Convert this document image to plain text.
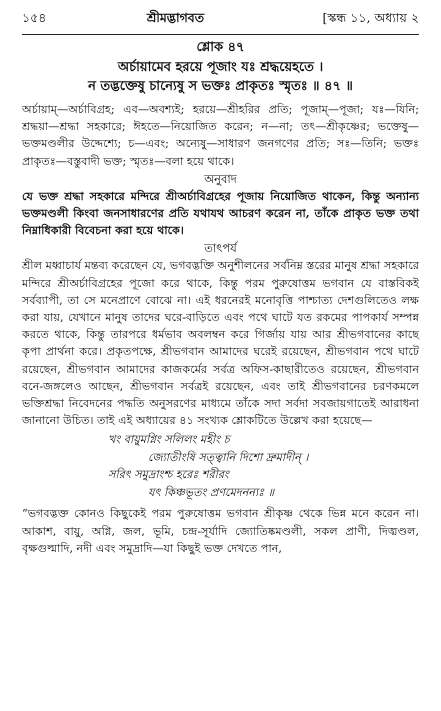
১৫৪	শ্রীমদ্ভাগবত	[স্কন্ধ ১১, অধ্যায় ২
শ্লোক ৪৭
অর্চায়ামেব হরয়ে পূজাং যঃ শ্রদ্ধয়েহতে ।
ন তদ্ভক্তেষু চান্যেষু স ভক্তঃ প্রাকৃতঃ স্মৃতঃ ॥ ৪৭ ॥

অর্চায়াম্—অর্চাবিগ্রহ; এব—অবশ্যই; হরয়ে—শ্রীহরির প্রতি; পূজাম্—পূজা; যঃ—যিনি; শ্রদ্ধয়া—শ্রদ্ধা সহকারে; ঈহতে—নিয়োজিত করেন; ন—না; তৎ—শ্রীকৃষ্ণের; ভক্তেষু—ভক্তমণ্ডলীর উদ্দেশ্যে; চ—এবং; অন্যেষু—সাধারণ জনগণের প্রতি; সঃ—তিনি; ভক্তঃ প্রাকৃতঃ—বস্তুবাদী ভক্ত; স্মৃতঃ—বলা হয়ে থাকে।

অনুবাদ

যে ভক্ত শ্রদ্ধা সহকারে মন্দিরে শ্রীঅর্চাবিগ্রহের পূজায় নিয়োজিত থাকেন, কিন্তু অন্যান্য ভক্তমণ্ডলী কিংবা জনসাধারণের প্রতি যথাযথ আচরণ করেন না, তাঁকে প্রাকৃত ভক্ত তথা নিম্নাধিকারী বিবেচনা করা হয়ে থাকে।

তাৎপর্য

শ্রীল মধ্বাচার্য মন্তব্য করেছেন যে, ভগবদ্ভক্তি অনুশীলনের সর্বনিম্ন স্তরের মানুষ শ্রদ্ধা সহকারে মন্দিরে শ্রীঅর্চাবিগ্রহের পূজো করে থাকে, কিন্তু পরম পুরুষোত্তম ভগবান যে বাস্তবিকই সর্বব্যাপী, তা সে মনেপ্রাণে বোঝে না। এই ধরনেরই মনোবৃত্তি পাশ্চাত্য দেশগুলিতেও লক্ষ করা যায়, যেখানে মানুষ তাদের ঘরে-বাড়িতে এবং পথে ঘাটে যত রকমের পাপকার্য সম্পন্ন করতে থাকে, কিন্তু তারপরে ধর্মভাব অবলম্বন করে গির্জায় যায় আর শ্রীভগবানের কাছে কৃপা প্রার্থনা করে। প্রকৃতপক্ষে, শ্রীভগবান আমাদের ঘরেই রয়েছেন, শ্রীভগবান পথে ঘাটে রয়েছেন, শ্রীভগবান আমাদের কাজকর্মের সর্বত্র অফিস-কাছারীতেও রয়েছেন, শ্রীভগবান বনে-জঙ্গলেও আছেন, শ্রীভগবান সর্বত্রই রয়েছেন, এবং তাই শ্রীভগবানের চরণকমলে ভক্তিশ্রদ্ধা নিবেদনের পদ্ধতি অনুসরণের মাধ্যমে তাঁকে সদা সর্বদা সবজায়গাতেই আরাধনা জানানো উচিত। তাই এই অধ্যায়ের ৪১ সংখ্যক শ্লোকটিতে উল্লেখ করা হয়েছে—

খং বায়ুমগ্নিং সলিলং মহীং চ
জ্যোতীংষি সত্ত্বানি দিশো দ্রুমাদীন্ ।
সরিৎ সমুদ্রাংশ্চ হরেঃ শরীরং
যৎ কিঞ্চভূতং প্রণমেদনন্যঃ ॥

“ভগবদ্ভক্ত কোনও কিছুকেই পরম পুরুষোত্তম ভগবান শ্রীকৃষ্ণ থেকে ভিন্ন মনে করেন না। আকাশ, বায়ু, অগ্নি, জল, ভূমি, চন্দ্র-সূর্যাদি জ্যোতিষ্কমণ্ডলী, সকল প্রাণী, দিঙ্মণ্ডল, বৃক্ষগুল্মাদি, নদী এবং সমুদ্রাদি—যা কিছুই ভক্ত দেখতে পান,
